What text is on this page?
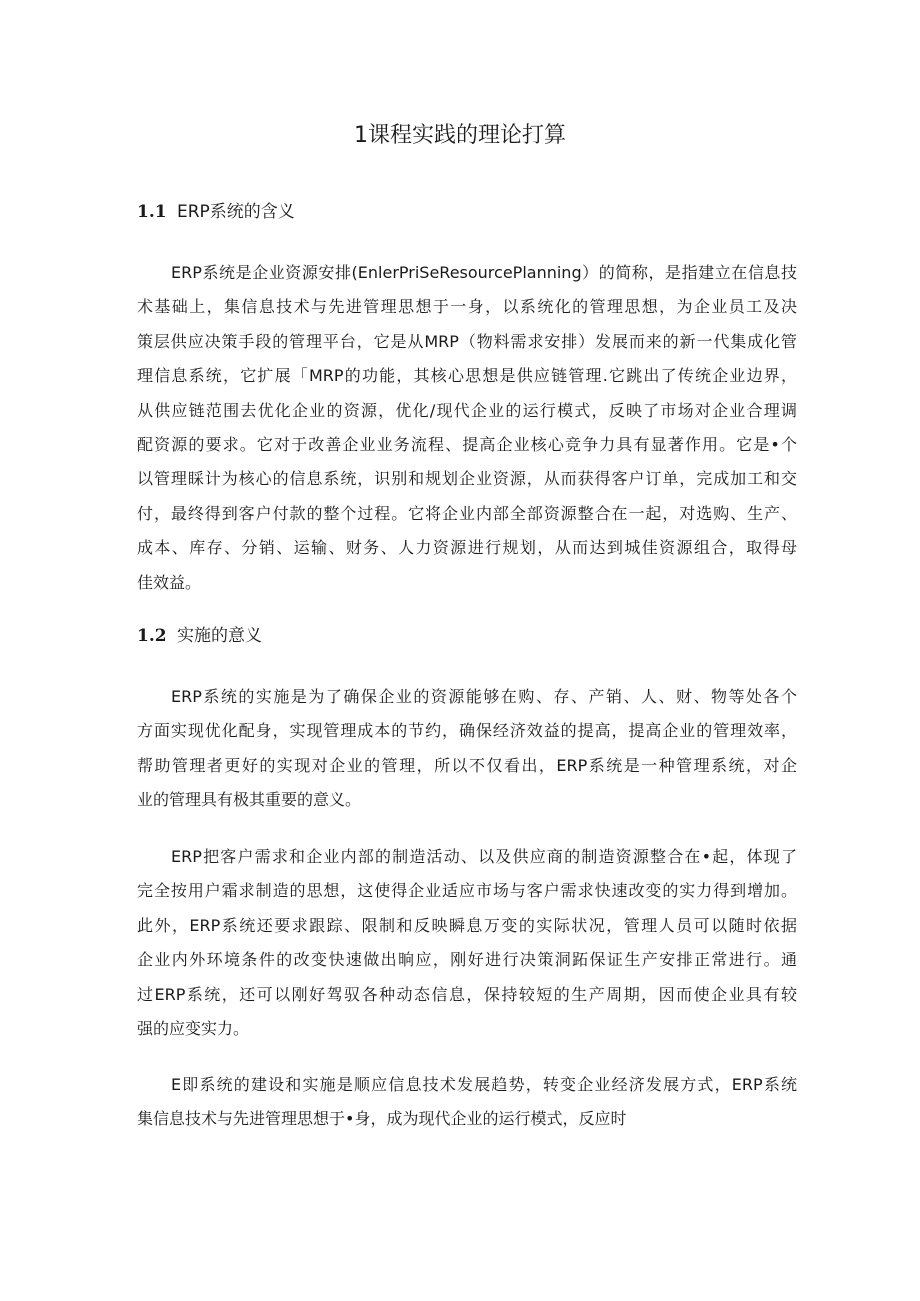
1课程实践的理论打算
1.1 ERP系统的含义
ERP系统是企业资源安排(EnlerPriSeResourcePlanning）的简称，是指建立在信息技
术基础上，集信息技术与先进管理思想于一身，以系统化的管理思想，为企业员工及决
策层供应决策手段的管理平台，它是从MRP（物料需求安排）发展而来的新一代集成化管
理信息系统，它扩展「MRP的功能，其核心思想是供应链管理.它跳出了传统企业边界，
从供应链范围去优化企业的资源，优化/现代企业的运行模式，反映了市场对企业合理调
配资源的要求。它对于改善企业业务流程、提高企业核心竞争力具有显著作用。它是•个
以管理睬计为核心的信息系统，识别和规划企业资源，从而获得客户订单，完成加工和交
付，最终得到客户付款的整个过程。它将企业内部全部资源整合在一起，对选购、生产、
成本、库存、分销、运输、财务、人力资源进行规划，从而达到城佳资源组合，取得母
佳效益。
1.2 实施的意义
ERP系统的实施是为了确保企业的资源能够在购、存、产销、人、财、物等处各个
方面实现优化配身，实现管理成本的节约，确保经济效益的提高，提高企业的管理效率，
帮助管理者更好的实现对企业的管理，所以不仅看出，ERP系统是一种管理系统，对企
业的管理具有极其重要的意义。
ERP把客户需求和企业内部的制造活动、以及供应商的制造资源整合在•起，体现了
完全按用户霜求制造的思想，这使得企业适应市场与客户需求快速改变的实力得到增加。
此外，ERP系统还要求跟踪、限制和反映瞬息万变的实际状况，管理人员可以随时依据
企业内外环境条件的改变快速做出晌应，刚好进行决策洞跖保证生产安排正常进行。通
过ERP系统，还可以刚好驾驭各种动态信息，保持较短的生产周期，因而使企业具有较
强的应变实力。
E即系统的建设和实施是顺应信息技术发展趋势，转变企业经济发展方式，ERP系统
集信息技术与先进管理思想于•身，成为现代企业的运行模式，反应时
